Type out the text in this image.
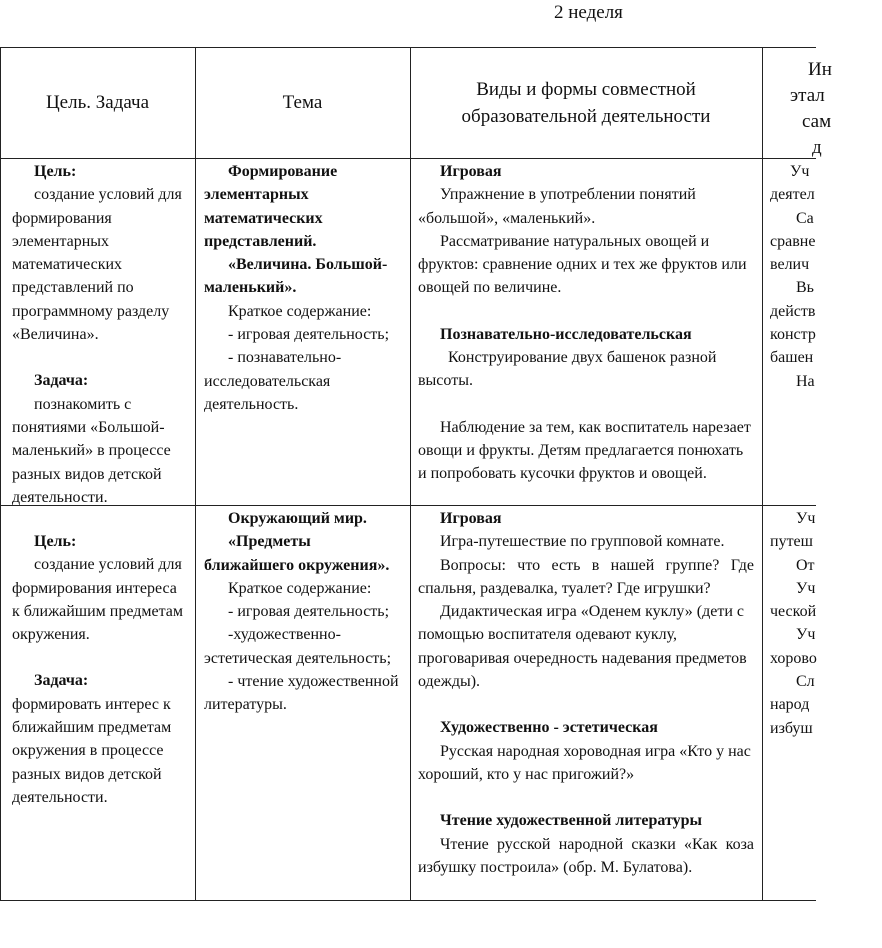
2 неделя
Цель. Задача	Тема
Виды и формы совместной образовательной деятельности
Ин
этал
сам
д

Цель:

создание условий для формирования элементарных математических представлений по программному разделу «Величина».

Задача:

познакомить с понятиями «Большой-маленький» в процессе разных видов детской деятельности.

Формирование элементарных математических представлений.

«Величина. Большой-маленький».

Краткое содержание:

- игровая деятельность;

- познавательно-исследовательская деятельность.

Игровая

Упражнение в употреблении понятий «большой», «маленький».

Рассматривание натуральных овощей и фруктов: сравнение одних и тех же фруктов или овощей по величине.

Познавательно-исследовательская

Конструирование двух башенок разной высоты.

Наблюдение за тем, как воспитатель нарезает овощи и фрукты. Детям предлагается понюхать и попробовать кусочки фруктов и овощей.

Уч
деятел
Са
сравне
велич
Вь
действ
констр
башен
На

Цель:

создание условий для формирования интереса к ближайшим предметам окружения.

Задача:

формировать интерес к ближайшим предметам окружения в процессе разных видов детской деятельности.

Окружающий мир.

«Предметы ближайшего окружения».

Краткое содержание:

- игровая деятельность;

-художественно-эстетическая деятельность;

- чтение художественной литературы.

Игровая

Игра-путешествие по групповой комнате.

Вопросы: что есть в нашей группе? Где спальня, раздевалка, туалет? Где игрушки?

Дидактическая игра «Оденем куклу» (дети с помощью воспитателя одевают куклу, проговаривая очередность надевания предметов одежды).

Художественно - эстетическая

Русская народная хороводная игра «Кто у нас хороший, кто у нас пригожий?»

Чтение художественной литературы

Чтение русской народной сказки «Как коза избушку построила» (обр. М. Булатова).

Уч
путеш
От
Уч
ческой
Уч
хорово
Сл
народ
избуш
